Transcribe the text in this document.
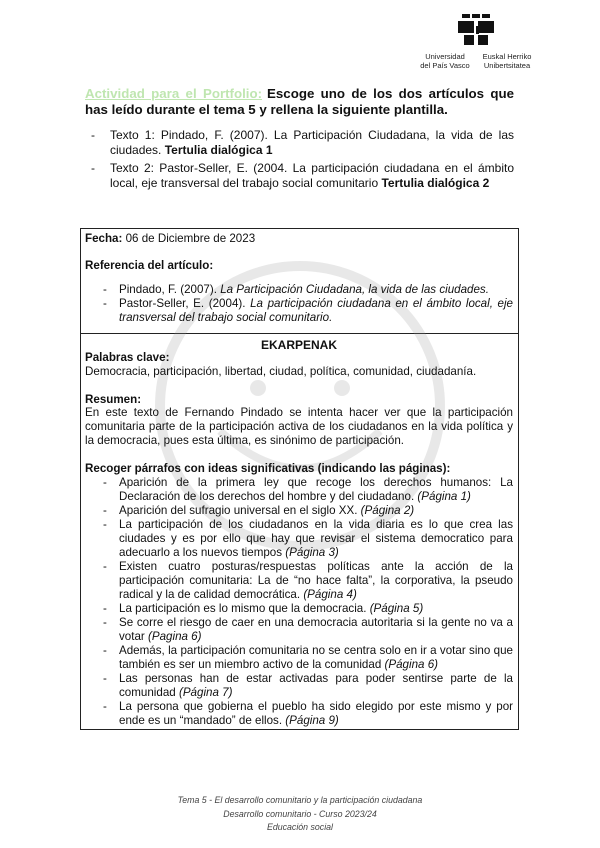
Universidad
del País Vasco
Euskal Herriko
Unibertsitatea
Actividad para el Portfolio: Escoge uno de los dos artículos que has leído durante el tema 5 y rellena la siguiente plantilla.
- Texto 1: Pindado, F. (2007). La Participación Ciudadana, la vida de las ciudades. Tertulia dialógica 1
- Texto 2: Pastor-Seller, E. (2004. La participación ciudadana en el ámbito local, eje transversal del trabajo social comunitario Tertulia dialógica 2
Fecha: 06 de Diciembre de 2023
Referencia del artículo:
- Pindado, F. (2007). La Participación Ciudadana, la vida de las ciudades.
- Pastor-Seller, E. (2004). La participación ciudadana en el ámbito local, eje transversal del trabajo social comunitario.
EKARPENAK
Palabras clave:
Democracia, participación, libertad, ciudad, política, comunidad, ciudadanía.
Resumen:
En este texto de Fernando Pindado se intenta hacer ver que la participación comunitaria parte de la participación activa de los ciudadanos en la vida política y la democracia, pues esta última, es sinónimo de participación.
Recoger párrafos con ideas significativas (indicando las páginas):
- Aparición de la primera ley que recoge los derechos humanos: La Declaración de los derechos del hombre y del ciudadano. (Página 1)
- Aparición del sufragio universal en el siglo XX. (Página 2)
- La participación de los ciudadanos en la vida diaria es lo que crea las ciudades y es por ello que hay que revisar el sistema democratico para adecuarlo a los nuevos tiempos (Página 3)
- Existen cuatro posturas/respuestas políticas ante la acción de la participación comunitaria: La de “no hace falta”, la corporativa, la pseudo radical y la de calidad democrática. (Página 4)
- La participación es lo mismo que la democracia. (Página 5)
- Se corre el riesgo de caer en una democracia autoritaria si la gente no va a votar (Pagina 6)
- Además, la participación comunitaria no se centra solo en ir a votar sino que también es ser un miembro activo de la comunidad (Página 6)
- Las personas han de estar activadas para poder sentirse parte de la comunidad (Página 7)
- La persona que gobierna el pueblo ha sido elegido por este mismo y por ende es un “mandado” de ellos. (Página 9)
Tema 5 - El desarrollo comunitario y la participación ciudadana
Desarrollo comunitario - Curso 2023/24
Educación social
